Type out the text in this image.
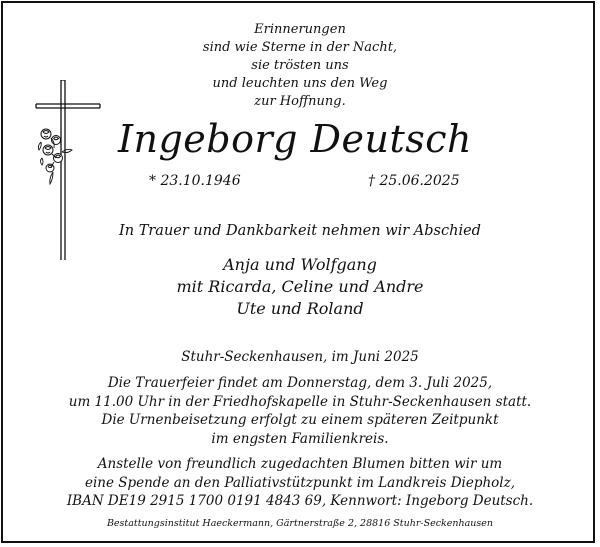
Erinnerungen
sind wie Sterne in der Nacht,
sie trösten uns
und leuchten uns den Weg
zur Hoffnung.
Ingeborg Deutsch
* 23.10.1946	† 25.06.2025
In Trauer und Dankbarkeit nehmen wir Abschied
Anja und Wolfgang
mit Ricarda, Celine und Andre
Ute und Roland
Stuhr-Seckenhausen, im Juni 2025
Die Trauerfeier findet am Donnerstag, dem 3. Juli 2025,
um 11.00 Uhr in der Friedhofskapelle in Stuhr-Seckenhausen statt.
Die Urnenbeisetzung erfolgt zu einem späteren Zeitpunkt
im engsten Familienkreis.
Anstelle von freundlich zugedachten Blumen bitten wir um
eine Spende an den Palliativstützpunkt im Landkreis Diepholz,
IBAN DE19 2915 1700 0191 4843 69, Kennwort: Ingeborg Deutsch.
Bestattungsinstitut Haeckermann, Gärtnerstraße 2, 28816 Stuhr-Seckenhausen
